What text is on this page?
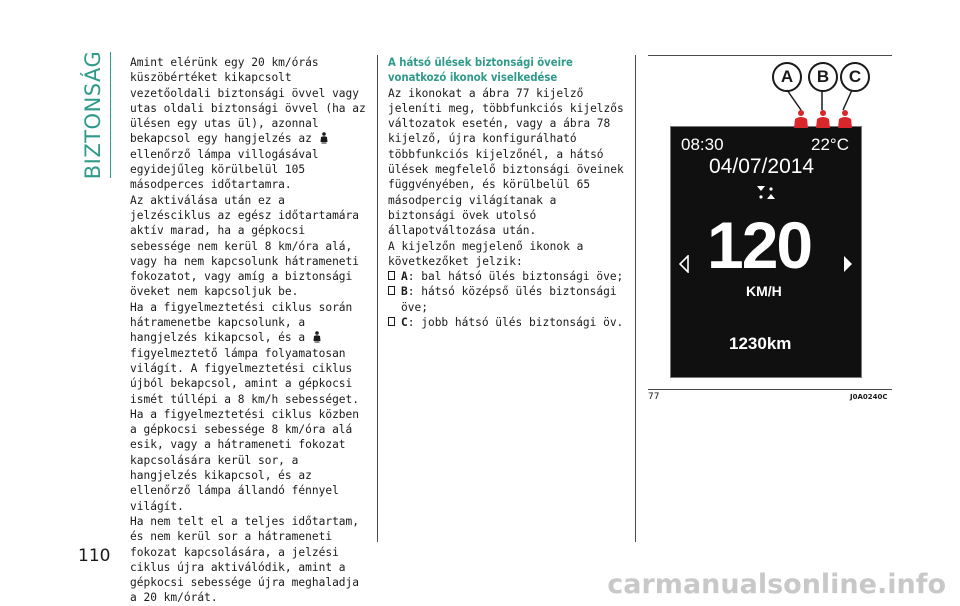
BIZTONSÁG Amint elérünk egy 20 km/órás küszöbértéket kikapcsolt vezetőoldali biztonsági övvel vagy utas oldali biztonsági övvel (ha az ülésen egy utas ül), azonnal bekapcsol egy hangjelzés az  ellenőrző lámpa villogásával egyidejűleg körülbelül 105 másodperces időtartamra.

Az aktiválása után ez a jelzésciklus az egész időtartamára aktív marad, ha a gépkocsi sebessége nem kerül 8 km/óra alá, vagy ha nem kapcsolunk hátrameneti fokozatot, vagy amíg a biztonsági öveket nem kapcsoljuk be.

Ha a figyelmeztetési ciklus során hátramenetbe kapcsolunk, a hangjelzés kikapcsol, és a  figyelmeztető lámpa folyamatosan világít. A figyelmeztetési ciklus újból bekapcsol, amint a gépkocsi ismét túllépi a 8 km/h sebességet.

Ha a figyelmeztetési ciklus közben a gépkocsi sebessége 8 km/óra alá esik, vagy a hátrameneti fokozat kapcsolására kerül sor, a hangjelzés kikapcsol, és az ellenőrző lámpa állandó fénnyel világít.

Ha nem telt el a teljes időtartam, és nem kerül sor a hátrameneti fokozat kapcsolására, a jelzési ciklus újra aktiválódik, amint a gépkocsi sebessége újra meghaladja a 20 km/órát.

A hátsó ülések biztonsági öveire vonatkozó ikonok viselkedése

Az ikonokat a ábra 77 kijelző jeleníti meg, többfunkciós kijelzős változatok esetén, vagy a ábra 78 kijelző, újra konfigurálható többfunkciós kijelzőnél, a hátsó ülések megfelelő biztonsági öveinek függvényében, és körülbelül 65 másodpercig világítanak a biztonsági övek utolsó állapotváltozása után.

A kijelzőn megjelenő ikonok a következőket jelzik:

A: bal hátsó ülés biztonsági öve;
B: hátsó középső ülés biztonsági öve;
C: jobb hátsó ülés biztonsági öv.
A	B	C
08:30	22°C
04/07/2014
120
KM/H
1230km
77	J0A0240C
110
carmanualsonline.info
